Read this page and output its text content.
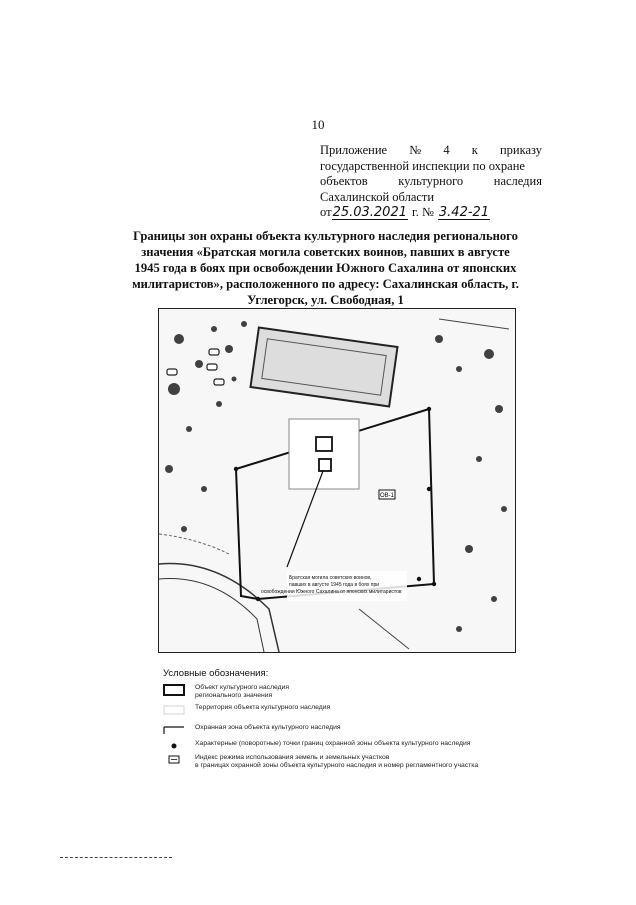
10
Приложение № 4 к приказу
государственной инспекции по охране
объектов культурного наследия
Сахалинской области
от 25.03.2021 г. № 3.42-21
Границы зон охраны объекта культурного наследия регионального значения «Братская могила советских воинов, павших в августе 1945 года в боях при освобождении Южного Сахалина от японских милитаристов», расположенного по адресу: Сахалинская область, г. Углегорск, ул. Свободная, 1
ОВ-1
Братская могила советских воинов, павших в августе 1945 года в боях при освобождении Южного Сахалина от японских милитаристов
Условные обозначения:
Объект культурного наследия
регионального значения
Территория объекта культурного наследия
Охранная зона объекта культурного наследия
Характерные (поворотные) точки границ охранной зоны объекта культурного наследия
Индекс режима использования земель и земельных участков
в границах охранной зоны объекта культурного наследия и номер регламентного участка
